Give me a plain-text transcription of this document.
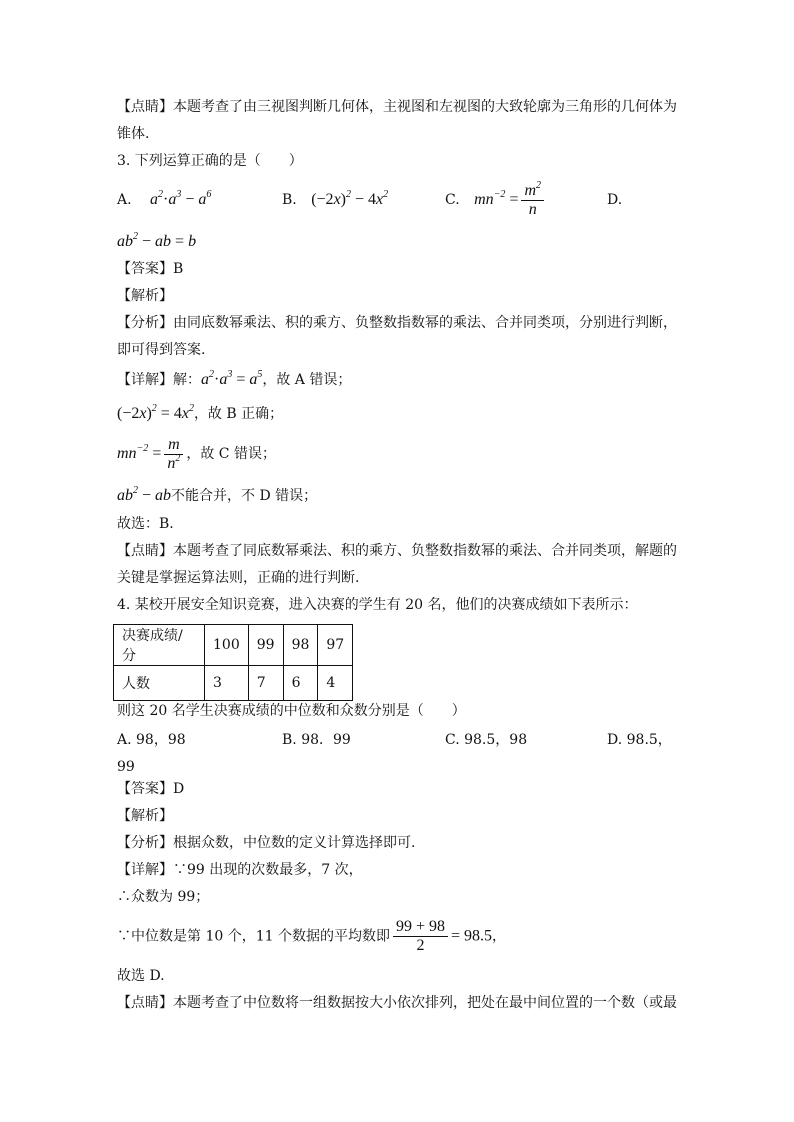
【点睛】本题考查了由三视图判断几何体，主视图和左视图的大致轮廓为三角形的几何体为
锥体.
3. 下列运算正确的是（　　）
A. $a^2\cdot a^3 - a^6$	B. $(-2x)^2 - 4x^2$	C. $mn^{-2} = \frac{m^2}{n}$	D.
$ab^2$ − ab = b
【答案】B
【解析】
【分析】由同底数幂乘法、积的乘方、负整数指数幂的乘法、合并同类项，分别进行判断，
即可得到答案.
【详解】解：$a^2\cdot a^3 = a^5$，故 A 错误；
$(-2x)^2 = 4x^2$，故 B 正确；
$mn^{-2} = \frac{m}{n^2}$ ，故 C 错误；
$ab^2$ − ab不能合并，不 D 错误；
故选：B.
【点睛】本题考查了同底数幂乘法、积的乘方、负整数指数幂的乘法、合并同类项，解题的
关键是掌握运算法则，正确的进行判断.
4. 某校开展安全知识竞赛，进入决赛的学生有 20 名，他们的决赛成绩如下表所示：
决赛成绩/分	100	99	98	97
人数	3	7	6	4
则这 20 名学生决赛成绩的中位数和众数分别是（　　）
A. 98，98	B. 98．99	C. 98.5，98	D. 98.5，
99
【答案】D
【解析】
【分析】根据众数，中位数的定义计算选择即可.
【详解】∵99 出现的次数最多，7 次，
∴众数为 99；
∵中位数是第 10 个，11 个数据的平均数即 $\frac{99 + 98}{2} = 98.5$，
故选 D.
【点睛】本题考查了中位数将一组数据按大小依次排列，把处在最中间位置的一个数（或最
